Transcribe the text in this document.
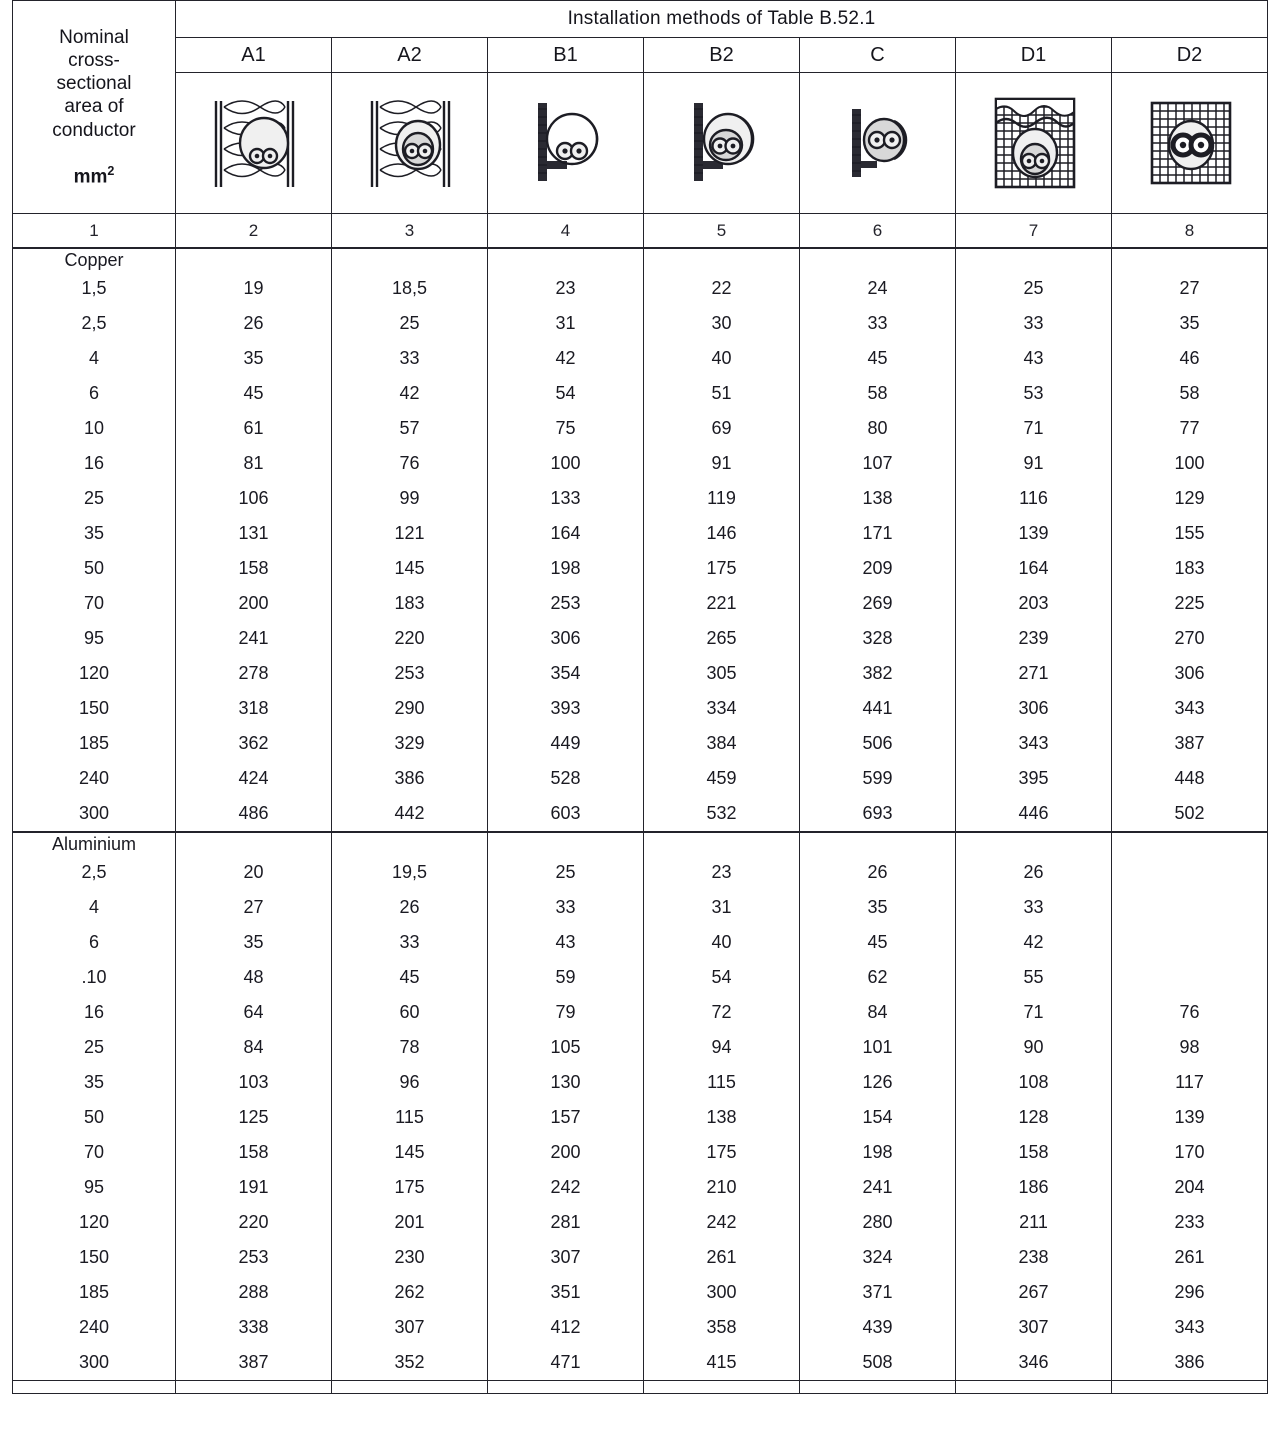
Nominal
cross-
sectional
area of
conductor
$mm^2$
	Installation methods of Table B.52.1
	A1	A2	B1	B2	C	D1	D2

1	2	3	4	5	6	7	8
Copper							
1,5	19	18,5	23	22	24	25	27
2,5	26	25	31	30	33	33	35
4	35	33	42	40	45	43	46
6	45	42	54	51	58	53	58
10	61	57	75	69	80	71	77
16	81	76	100	91	107	91	100
25	106	99	133	119	138	116	129
35	131	121	164	146	171	139	155
50	158	145	198	175	209	164	183
70	200	183	253	221	269	203	225
95	241	220	306	265	328	239	270
120	278	253	354	305	382	271	306
150	318	290	393	334	441	306	343
185	362	329	449	384	506	343	387
240	424	386	528	459	599	395	448
300	486	442	603	532	693	446	502
Aluminium							
2,5	20	19,5	25	23	26	26	
4	27	26	33	31	35	33	
6	35	33	43	40	45	42	
.10	48	45	59	54	62	55	
16	64	60	79	72	84	71	76
25	84	78	105	94	101	90	98
35	103	96	130	115	126	108	117
50	125	115	157	138	154	128	139
70	158	145	200	175	198	158	170
95	191	175	242	210	241	186	204
120	220	201	281	242	280	211	233
150	253	230	307	261	324	238	261
185	288	262	351	300	371	267	296
240	338	307	412	358	439	307	343
300	387	352	471	415	508	346	386
